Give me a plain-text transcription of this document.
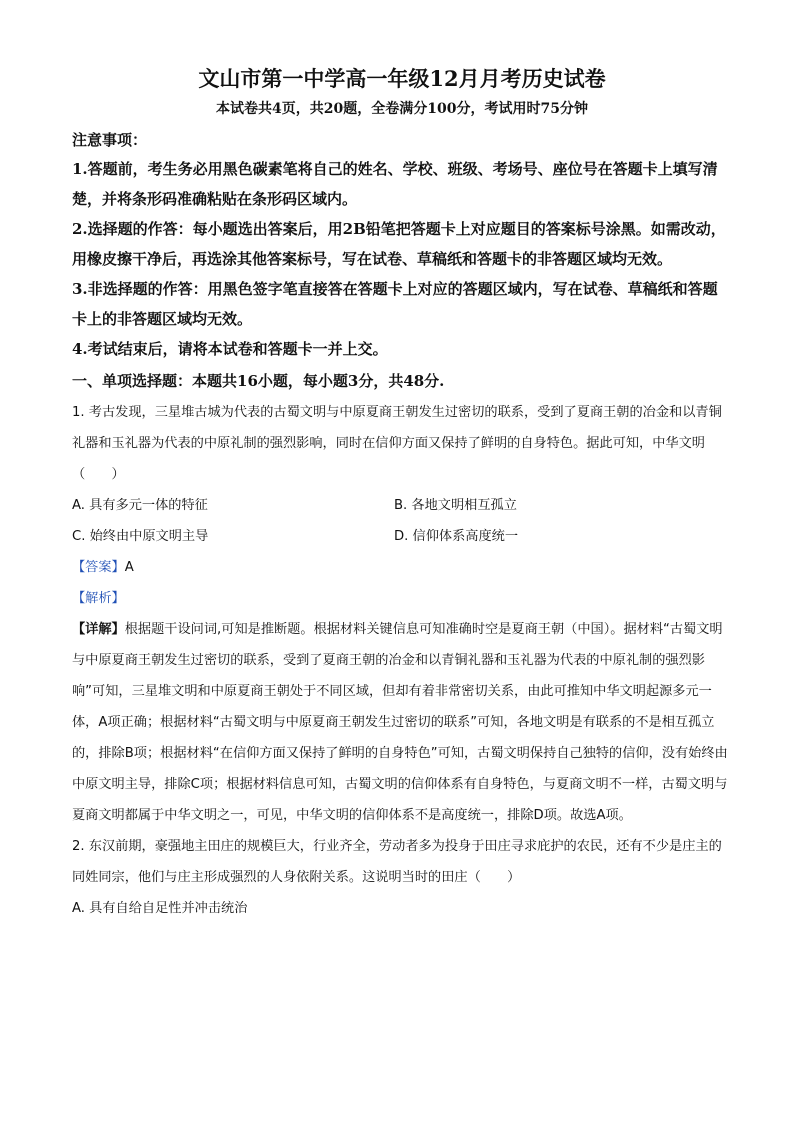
文山市第一中学高一年级12月月考历史试卷

本试卷共4页，共20题，全卷满分100分，考试用时75分钟

注意事项：

1.答题前，考生务必用黑色碳素笔将自己的姓名、学校、班级、考场号、座位号在答题卡上填写清楚，并将条形码准确粘贴在条形码区域内。

2.选择题的作答：每小题选出答案后，用2B铅笔把答题卡上对应题目的答案标号涂黑。如需改动，用橡皮擦干净后，再选涂其他答案标号，写在试卷、草稿纸和答题卡的非答题区域均无效。

3.非选择题的作答：用黑色签字笔直接答在答题卡上对应的答题区域内，写在试卷、草稿纸和答题卡上的非答题区域均无效。

4.考试结束后，请将本试卷和答题卡一并上交。

一、单项选择题：本题共16小题，每小题3分，共48分.

1. 考古发现，三星堆古城为代表的古蜀文明与中原夏商王朝发生过密切的联系，受到了夏商王朝的冶金和以青铜礼器和玉礼器为代表的中原礼制的强烈影响，同时在信仰方面又保持了鲜明的自身特色。据此可知，中华文明（　　）

A. 具有多元一体的特征	B. 各地文明相互孤立
C. 始终由中原文明主导	D. 信仰体系高度统一

【答案】A

【解析】

【详解】根据题干设问词,可知是推断题。根据材料关键信息可知准确时空是夏商王朝（中国）。据材料“古蜀文明与中原夏商王朝发生过密切的联系，受到了夏商王朝的冶金和以青铜礼器和玉礼器为代表的中原礼制的强烈影响”可知，三星堆文明和中原夏商王朝处于不同区域，但却有着非常密切关系，由此可推知中华文明起源多元一体，A项正确；根据材料“古蜀文明与中原夏商王朝发生过密切的联系”可知，各地文明是有联系的不是相互孤立的，排除B项；根据材料“在信仰方面又保持了鲜明的自身特色”可知，古蜀文明保持自己独特的信仰，没有始终由中原文明主导，排除C项；根据材料信息可知，古蜀文明的信仰体系有自身特色，与夏商文明不一样，古蜀文明与夏商文明都属于中华文明之一，可见，中华文明的信仰体系不是高度统一，排除D项。故选A项。

2. 东汉前期，豪强地主田庄的规模巨大，行业齐全，劳动者多为投身于田庄寻求庇护的农民，还有不少是庄主的同姓同宗，他们与庄主形成强烈的人身依附关系。这说明当时的田庄（　　）

A. 具有自给自足性并冲击统治
